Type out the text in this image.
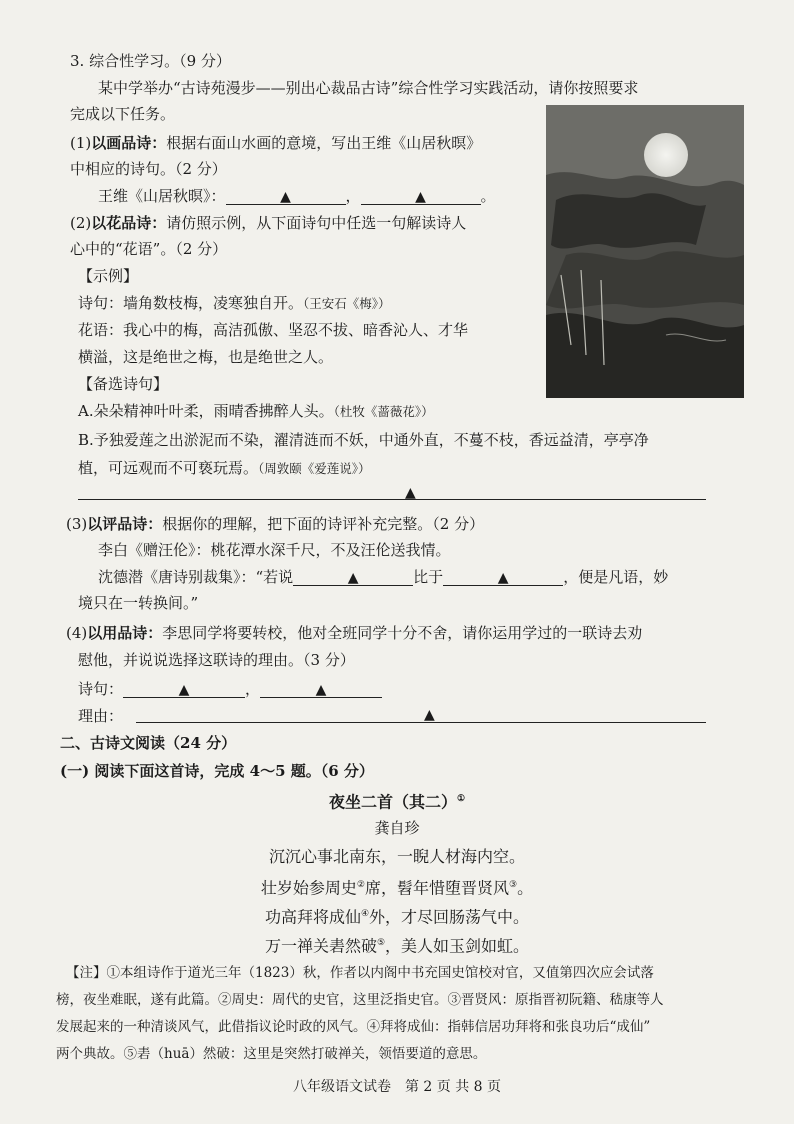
3. 综合性学习。（9 分）
某中学举办“古诗苑漫步——别出心裁品古诗”综合性学习实践活动，请你按照要求
完成以下任务。
(1)以画品诗：根据右面山水画的意境，写出王维《山居秋暝》
中相应的诗句。（2 分）
王维《山居秋暝》：	▲	，	▲	。
(2)以花品诗：请仿照示例，从下面诗句中任选一句解读诗人
心中的“花语”。（2 分）
【示例】
诗句：墙角数枝梅，凌寒独自开。（王安石《梅》）
花语：我心中的梅，高洁孤傲、坚忍不拔、暗香沁人、才华
横溢，这是绝世之梅，也是绝世之人。
【备选诗句】
A.朵朵精神叶叶柔，雨晴香拂醉人头。（杜牧《蔷薇花》）
B.予独爱莲之出淤泥而不染，濯清涟而不妖，中通外直，不蔓不枝，香远益清，亭亭净
植，可远观而不可亵玩焉。（周敦颐《爱莲说》）
▲
(3)以评品诗：根据你的理解，把下面的诗评补充完整。（2 分）
李白《赠汪伦》：桃花潭水深千尺，不及汪伦送我情。
沈德潜《唐诗别裁集》：“若说	▲	比于	▲	，便是凡语，妙
境只在一转换间。”
(4)以用品诗：李思同学将要转校，他对全班同学十分不舍，请你运用学过的一联诗去劝
慰他，并说说选择这联诗的理由。（3 分）
诗句：	▲	，	▲
理由：	▲
二、古诗文阅读（24 分）
(一) 阅读下面这首诗，完成 4～5 题。（6 分）
夜坐二首（其二）①
龚自珍
沉沉心事北南东，一睨人材海内空。
壮岁始参周史②席，髫年惜堕晋贤风③。
功高拜将成仙④外，才尽回肠荡气中。
万一禅关砉然破⑤，美人如玉剑如虹。
【注】①本组诗作于道光三年（1823）秋，作者以内阁中书充国史馆校对官，又值第四次应会试落
榜，夜坐难眠，遂有此篇。②周史：周代的史官，这里泛指史官。③晋贤风：原指晋初阮籍、嵇康等人
发展起来的一种清谈风气，此借指议论时政的风气。④拜将成仙：指韩信居功拜将和张良功后“成仙”
两个典故。⑤砉（huā）然破：这里是突然打破禅关，领悟要道的意思。
八年级语文试卷　第 2 页 共 8 页
